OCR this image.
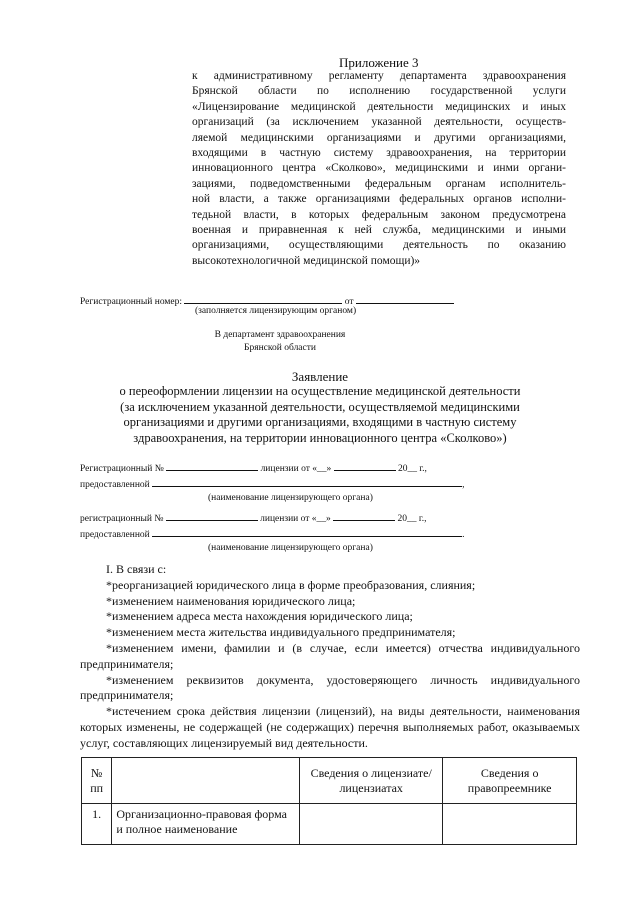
Приложение 3
к административному регламенту департамента здравоохранения
Брянской области по исполнению государственной услуги
«Лицензирование медицинской деятельности медицинских и иных
организаций (за исключением указанной деятельности, осуществ-
ляемой медицинскими организациями и другими организациями,
входящими в частную систему здравоохранения, на территории
инновационного центра «Сколково», медицинскими и инми органи-
зациями, подведомственными федеральным органам исполнитель-
ной власти, а также организациями федеральных органов исполни-
тедьной власти, в которых федеральным законом предусмотрена
военная и приравненная к ней служба, медицинскими и иными
организациями, осуществляющими деятельность по оказанию
высокотехнологичной медицинской помощи)»
Регистрационный номер:	от
(заполняется лицензирующим органом)
В департамент здравоохранения
Брянской области
Заявление
о переоформлении лицензии на осуществление медицинской деятельности
(за исключением указанной деятельности, осуществляемой медицинскими
организациями и другими организациями, входящими в частную систему
здравоохранения, на территории инновационного центра «Сколково»)
Регистрационный №	лицензии от «__»	20__ г.,
предоставленной	,
(наименование лицензирующего органа)
регистрационный №	лицензии от «__»	20__ г.,
предоставленной	.
(наименование лицензирующего органа)
I. В связи с:
*реорганизацией юридического лица в форме преобразования, слияния;
*изменением наименования юридического лица;
*изменением адреса места нахождения юридического лица;
*изменением места жительства индивидуального предпринимателя;
*изменением имени, фамилии и (в случае, если имеется) отчества индивидуального предпринимателя;
*изменением реквизитов документа, удостоверяющего личность индивидуального предпринимателя;
*истечением срока действия лицензии (лицензий), на виды деятельности, наименования которых изменены, не содержащей (не содержащих) перечня выполняемых работ, оказываемых услуг, составляющих лицензируемый вид деятельности.
№ пп		Сведения о лицензиате/лицензиатах	Сведения о правопреемнике
1.	Организационно-правовая форма и полное наименование		
